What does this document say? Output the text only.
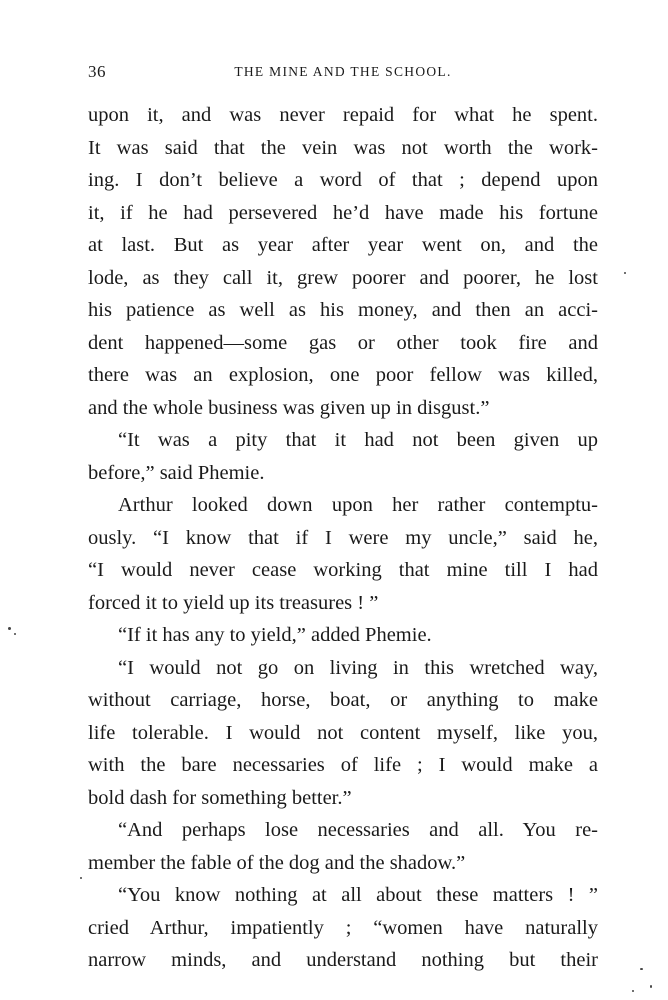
36	THE MINE AND THE SCHOOL.
upon it, and was never repaid for what he spent.
It was said that the vein was not worth the work-
ing. I don’t believe a word of that ; depend upon
it, if he had persevered he’d have made his fortune
at last. But as year after year went on, and the
lode, as they call it, grew poorer and poorer, he lost
his patience as well as his money, and then an acci-
dent happened—some gas or other took fire and
there was an explosion, one poor fellow was killed,
and the whole business was given up in disgust.”
“It was a pity that it had not been given up
before,” said Phemie.
Arthur looked down upon her rather contemptu-
ously. “I know that if I were my uncle,” said he,
“I would never cease working that mine till I had
forced it to yield up its treasures ! ”
“If it has any to yield,” added Phemie.
“I would not go on living in this wretched way,
without carriage, horse, boat, or anything to make
life tolerable. I would not content myself, like you,
with the bare necessaries of life ; I would make a
bold dash for something better.”
“And perhaps lose necessaries and all. You re-
member the fable of the dog and the shadow.”
“You know nothing at all about these matters ! ”
cried Arthur, impatiently ; “women have naturally
narrow minds, and understand nothing but their
